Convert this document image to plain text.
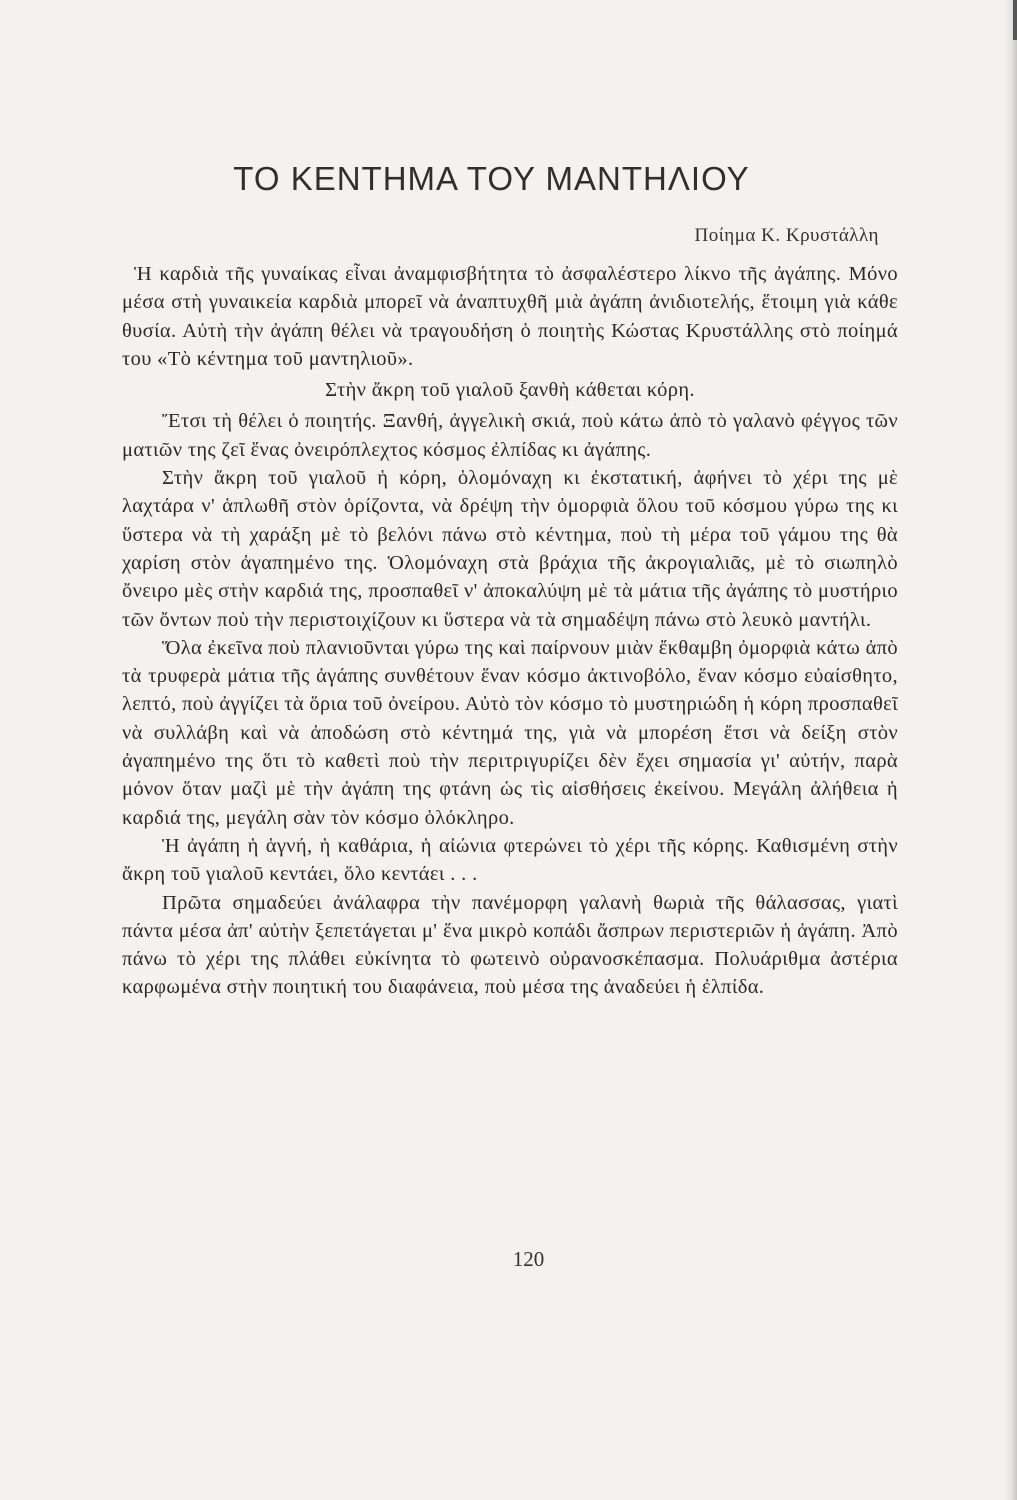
ΤΟ ΚΕΝΤΗΜΑ ΤΟΥ ΜΑΝΤΗΛΙΟΥ

Ποίημα Κ. Κρυστάλλη

Ἡ καρδιὰ τῆς γυναίκας εἶναι ἀναμφισβήτητα τὸ ἀσφαλέστερο λίκνο τῆς ἀγάπης. Μόνο μέσα στὴ γυναικεία καρδιὰ μπορεῖ νὰ ἀναπτυχθῆ μιὰ ἀγάπη ἀνιδιοτελής, ἕτοιμη γιὰ κάθε θυσία. Αὐτὴ τὴν ἀγάπη θέλει νὰ τραγουδήση ὁ ποιητὴς Κώστας Κρυστάλλης στὸ ποίημά του «Τὸ κέντημα τοῦ μαντηλιοῦ».

Στὴν ἄκρη τοῦ γιαλοῦ ξανθὴ κάθεται κόρη.

Ἔτσι τὴ θέλει ὁ ποιητής. Ξανθή, ἀγγελικὴ σκιά, ποὺ κάτω ἀπὸ τὸ γαλανὸ φέγγος τῶν ματιῶν της ζεῖ ἕνας ὀνειρόπλεχτος κόσμος ἐλπίδας κι ἀγάπης.

Στὴν ἄκρη τοῦ γιαλοῦ ἡ κόρη, ὁλομόναχη κι ἐκστατική, ἀφήνει τὸ χέρι της μὲ λαχτάρα ν' ἁπλωθῆ στὸν ὁρίζοντα, νὰ δρέψη τὴν ὀμορφιὰ ὅλου τοῦ κόσμου γύρω της κι ὕστερα νὰ τὴ χαράξη μὲ τὸ βελόνι πάνω στὸ κέντημα, ποὺ τὴ μέρα τοῦ γάμου της θὰ χαρίση στὸν ἀγαπημένο της. Ὁλομόναχη στὰ βράχια τῆς ἀκρογιαλιᾶς, μὲ τὸ σιωπηλὸ ὄνειρο μὲς στὴν καρδιά της, προσπαθεῖ ν' ἀποκαλύψη μὲ τὰ μάτια τῆς ἀγάπης τὸ μυστήριο τῶν ὄντων ποὺ τὴν περιστοιχίζουν κι ὕστερα νὰ τὰ σημαδέψη πάνω στὸ λευκὸ μαντήλι.

Ὅλα ἐκεῖνα ποὺ πλανιοῦνται γύρω της καὶ παίρνουν μιὰν ἔκθαμβη ὀμορφιὰ κάτω ἀπὸ τὰ τρυφερὰ μάτια τῆς ἀγάπης συνθέτουν ἕναν κόσμο ἀκτινοβόλο, ἕναν κόσμο εὐαίσθητο, λεπτό, ποὺ ἀγγίζει τὰ ὅρια τοῦ ὀνείρου. Αὐτὸ τὸν κόσμο τὸ μυστηριώδη ἡ κόρη προσπαθεῖ νὰ συλλάβη καὶ νὰ ἀποδώση στὸ κέντημά της, γιὰ νὰ μπορέση ἔτσι νὰ δείξη στὸν ἀγαπημένο της ὅτι τὸ καθετὶ ποὺ τὴν περιτριγυρίζει δὲν ἔχει σημασία γι' αὐτήν, παρὰ μόνον ὅταν μαζὶ μὲ τὴν ἀγάπη της φτάνη ὡς τὶς αἰσθήσεις ἐκείνου. Μεγάλη ἀλήθεια ἡ καρδιά της, μεγάλη σὰν τὸν κόσμο ὁλόκληρο.

Ἡ ἀγάπη ἡ ἁγνή, ἡ καθάρια, ἡ αἰώνια φτερώνει τὸ χέρι τῆς κόρης. Καθισμένη στὴν ἄκρη τοῦ γιαλοῦ κεντάει, ὅλο κεντάει . . .

Πρῶτα σημαδεύει ἀνάλαφρα τὴν πανέμορφη γαλανὴ θωριὰ τῆς θάλασσας, γιατὶ πάντα μέσα ἀπ' αὐτὴν ξεπετάγεται μ' ἕνα μικρὸ κοπάδι ἄσπρων περιστεριῶν ἡ ἀγάπη. Ἀπὸ πάνω τὸ χέρι της πλάθει εὐκίνητα τὸ φωτεινὸ οὐρανοσκέπασμα. Πολυάριθμα ἀστέρια καρφωμένα στὴν ποιητική του διαφάνεια, ποὺ μέσα της ἀναδεύει ἡ ἐλπίδα.

120
